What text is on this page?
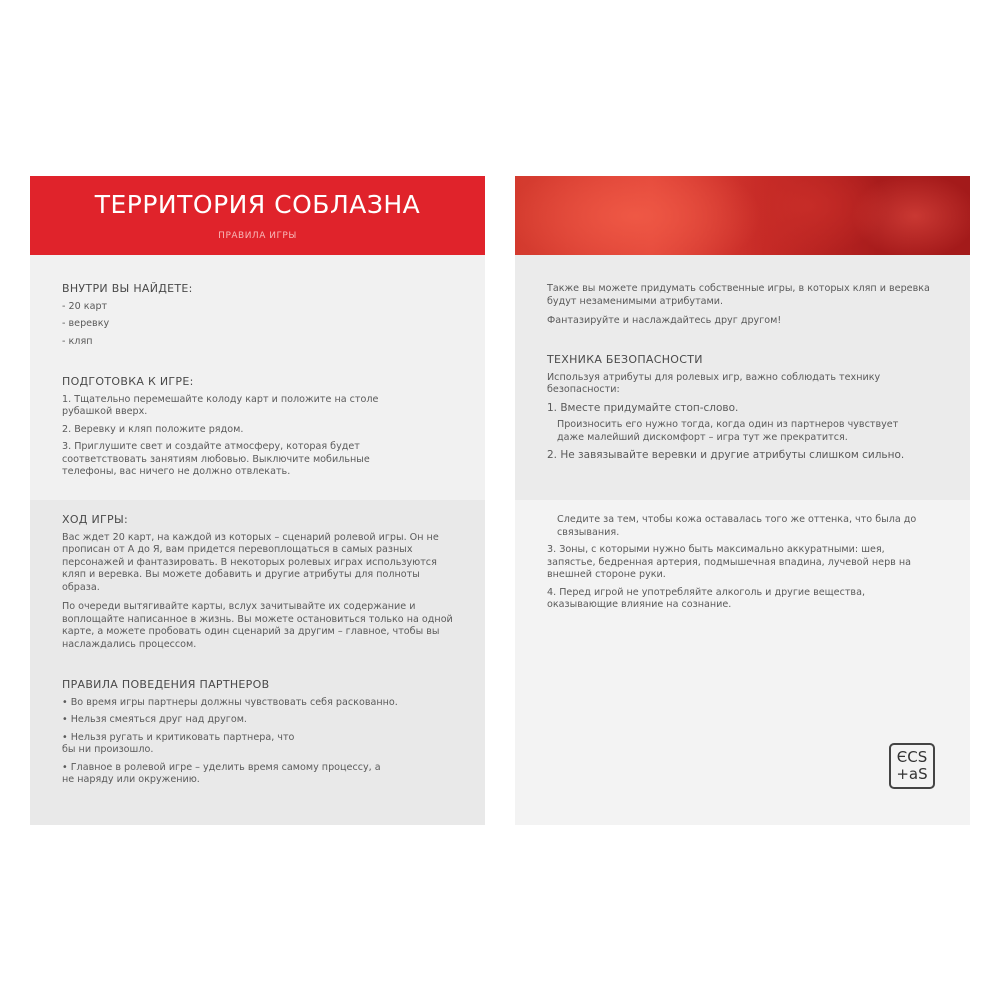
ТЕРРИТОРИЯ СОБЛАЗНА
ПРАВИЛА ИГРЫ
ВНУТРИ ВЫ НАЙДЕТЕ:
- 20 карт
- веревку
- кляп
ПОДГОТОВКА К ИГРЕ:
1. Тщательно перемешайте колоду карт и положите на столе рубашкой вверх.
2. Веревку и кляп положите рядом.
3. Приглушите свет и создайте атмосферу, которая будет соответствовать занятиям любовью. Выключите мобильные телефоны, вас ничего не должно отвлекать.
ХОД ИГРЫ:
Вас ждет 20 карт, на каждой из которых – сценарий ролевой игры. Он не прописан от А до Я, вам придется перевоплощаться в самых разных персонажей и фантазировать. В некоторых ролевых играх используются кляп и веревка. Вы можете добавить и другие атрибуты для полноты образа.
По очереди вытягивайте карты, вслух зачитывайте их содержание и воплощайте написанное в жизнь. Вы можете остановиться только на одной карте, а можете пробовать один сценарий за другим – главное, чтобы вы наслаждались процессом.
ПРАВИЛА ПОВЕДЕНИЯ ПАРТНЕРОВ
• Во время игры партнеры должны чувствовать себя раскованно.
• Нельзя смеяться друг над другом.
• Нельзя ругать и критиковать партнера, что бы ни произошло.
• Главное в ролевой игре – уделить время самому процессу, а не наряду или окружению.
Также вы можете придумать собственные игры, в которых кляп и веревка будут незаменимыми атрибутами.
Фантазируйте и наслаждайтесь друг другом!
ТЕХНИКА БЕЗОПАСНОСТИ
Используя атрибуты для ролевых игр, важно соблюдать технику безопасности:
1. Вместе придумайте стоп-слово.
Произносить его нужно тогда, когда один из партнеров чувствует даже малейший дискомфорт – игра тут же прекратится.
2. Не завязывайте веревки и другие атрибуты слишком сильно.
Следите за тем, чтобы кожа оставалась того же оттенка, что была до связывания.
3. Зоны, с которыми нужно быть максимально аккуратными: шея, запястье, бедренная артерия, подмышечная впадина, лучевой нерв на внешней стороне руки.
4. Перед игрой не употребляйте алкоголь и другие вещества, оказывающие влияние на сознание.
ЄCS
+aS
